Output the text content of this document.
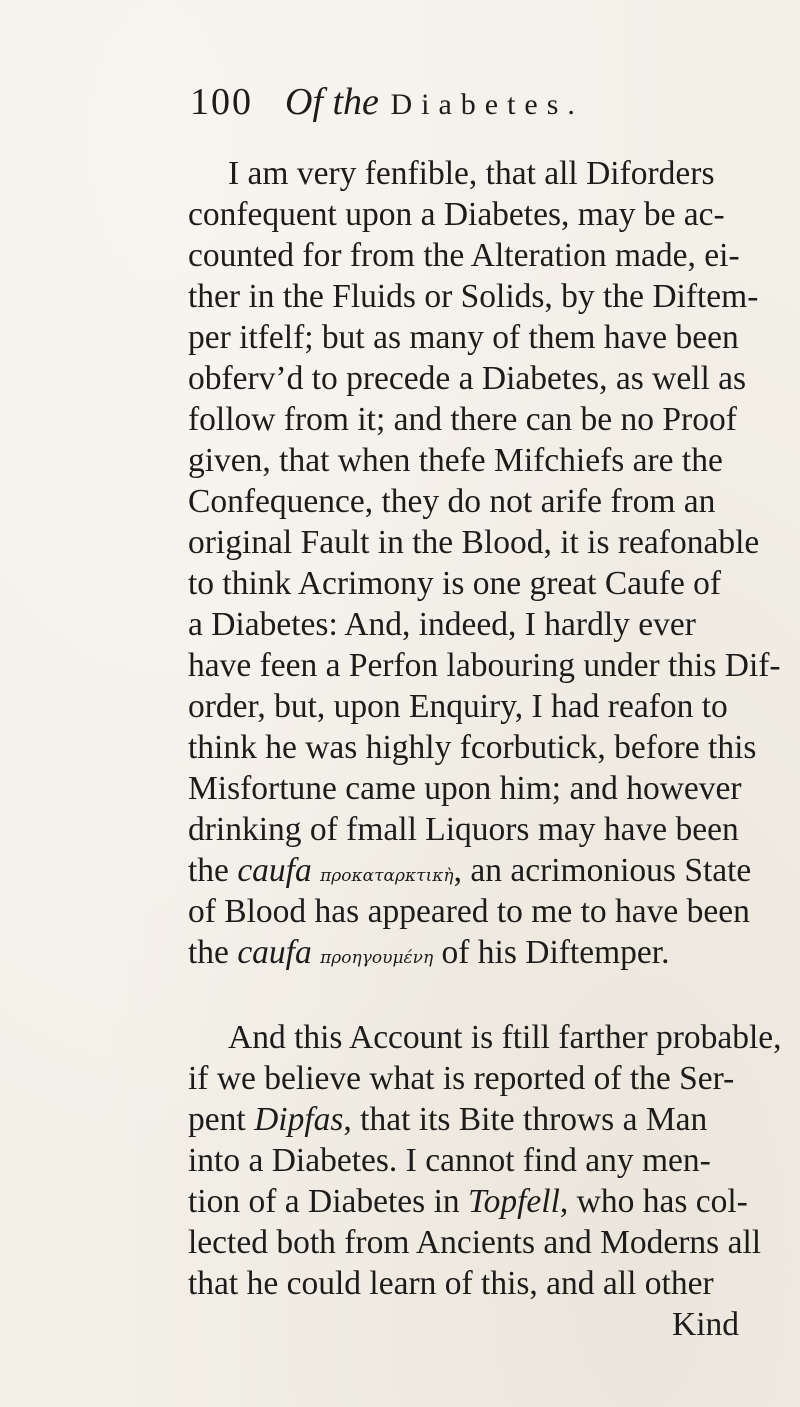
100 Of the Diabetes.
I am very fenfible, that all Diforders
confequent upon a Diabetes, may be ac-
counted for from the Alteration made, ei-
ther in the Fluids or Solids, by the Diftem-
per itfelf; but as many of them have been
obferv’d to precede a Diabetes, as well as
follow from it; and there can be no Proof
given, that when thefe Mifchiefs are the
Confequence, they do not arife from an
original Fault in the Blood, it is reafonable
to think Acrimony is one great Caufe of
a Diabetes: And, indeed, I hardly ever
have feen a Perfon labouring under this Dif-
order, but, upon Enquiry, I had reafon to
think he was highly fcorbutick, before this
Misfortune came upon him; and however
drinking of fmall Liquors may have been
the caufa προκαταρκτικὴ, an acrimonious State
of Blood has appeared to me to have been
the caufa προηγουμένη of his Diftemper.
And this Account is ftill farther probable,
if we believe what is reported of the Ser-
pent Dipfas, that its Bite throws a Man
into a Diabetes. I cannot find any men-
tion of a Diabetes in Topfell, who has col-
lected both from Ancients and Moderns all
that he could learn of this, and all other
Kind
